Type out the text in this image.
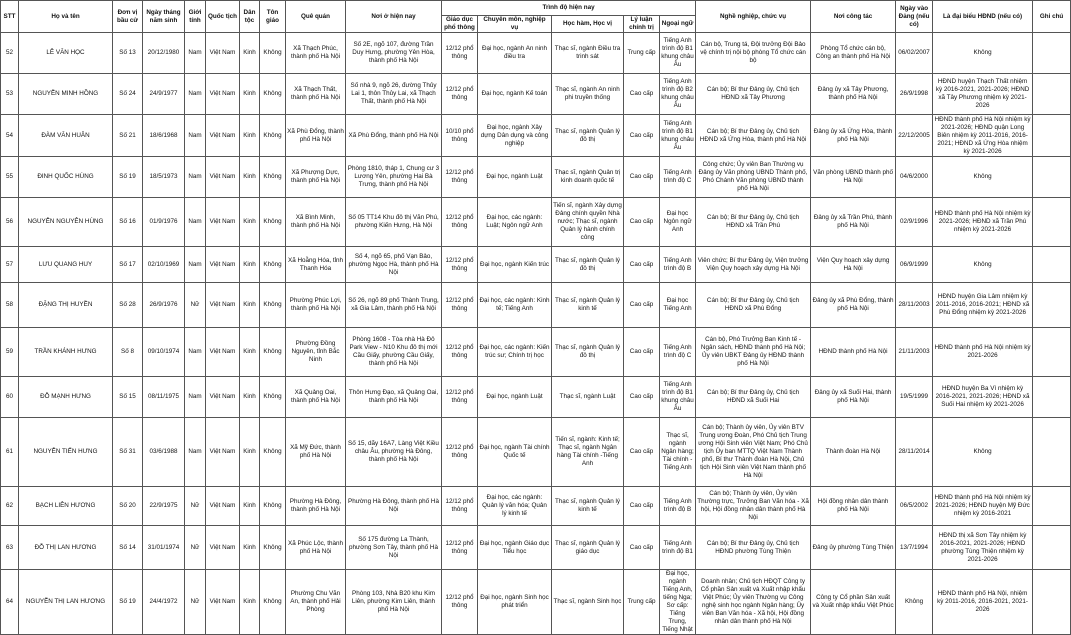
STT	Họ và tên	Đơn vị bầu cử	Ngày tháng năm sinh	Giới tính	Quốc tịch	Dân tộc	Tôn giáo	Quê quán	Nơi ở hiện nay	Trình độ hiện nay					Nghề nghiệp, chức vụ	Nơi công tác	Ngày vào Đảng (nếu có)	Là đại biểu HĐND (nếu có)	Ghi chú
										Giáo dục phổ thông	Chuyên môn, nghiệp vụ	Học hàm, Học vị	Lý luận chính trị	Ngoại ngữ					
52	LÊ VĂN HỌC	Số 13	20/12/1980	Nam	Việt Nam	Kinh	Không	Xã Thạch Phúc, thành phố Hà Nội	Số 2E, ngõ 107, đường Trần Duy Hưng, phường Yên Hòa, thành phố Hà Nội	12/12 phổ thông	Đại học, ngành An ninh điều tra	Thạc sĩ, ngành Điều tra trinh sát	Trung cấp	Tiếng Anh trình độ B1 khung châu Âu	Cán bộ, Trung tá, Đội trưởng Đội Bảo vệ chính trị nội bộ phòng Tổ chức cán bộ	Phòng Tổ chức cán bộ, Công an thành phố Hà Nội	06/02/2007	Không	
53	NGUYỄN MINH HỒNG	Số 24	24/9/1977	Nam	Việt Nam	Kinh	Không	Xã Thạch Thất, thành phố Hà Nội	Số nhà 9, ngõ 26, đường Thủy Lai 1, thôn Thủy Lai, xã Thạch Thất, thành phố Hà Nội	12/12 phổ thông	Đại học, ngành Kế toán	Thạc sĩ, ngành An ninh phi truyền thống	Cao cấp	Tiếng Anh trình độ B2 khung châu Âu	Cán bộ; Bí thư Đảng ủy, Chủ tịch HĐND xã Tây Phương	Đảng ủy xã Tây Phương, thành phố Hà Nội	26/9/1998	HĐND huyện Thạch Thất nhiệm kỳ 2016-2021, 2021-2026; HĐND xã Tây Phương nhiệm kỳ 2021-2026	
54	ĐÀM VĂN HUÂN	Số 21	18/6/1968	Nam	Việt Nam	Kinh	Không	Xã Phù Đổng, thành phố Hà Nội	Xã Phù Đổng, thành phố Hà Nội	10/10 phổ thông	Đại học, ngành Xây dựng Dân dụng và công nghiệp	Thạc sĩ, ngành Quản lý đô thị	Cao cấp	Tiếng Anh trình độ B1 khung châu Âu	Cán bộ; Bí thư Đảng ủy, Chủ tịch HĐND xã Ứng Hòa, thành phố Hà Nội	Đảng ủy xã Ứng Hòa, thành phố Hà Nội	22/12/2005	HĐND thành phố Hà Nội nhiệm kỳ 2021-2026; HĐND quận Long Biên nhiệm kỳ 2011-2016, 2016-2021; HĐND xã Ứng Hòa nhiệm kỳ 2021-2026	
55	ĐINH QUỐC HÙNG	Số 19	18/5/1973	Nam	Việt Nam	Kinh	Không	Xã Phượng Dực, thành phố Hà Nội	Phòng 1810, tháp 1, Chung cư 3 Lương Yên, phường Hai Bà Trưng, thành phố Hà Nội	12/12 phổ thông	Đại học, ngành Luật	Thạc sĩ, ngành Quản trị kinh doanh quốc tế	Cao cấp	Tiếng Anh trình độ C	Công chức; Ủy viên Ban Thường vụ Đảng ủy Văn phòng UBND Thành phố, Phó Chánh Văn phòng UBND thành phố Hà Nội	Văn phòng UBND thành phố Hà Nội	04/6/2000	Không	
56	NGUYỄN NGUYÊN HÙNG	Số 16	01/9/1976	Nam	Việt Nam	Kinh	Không	Xã Bình Minh, thành phố Hà Nội	Số 05 TT14 Khu đô thị Văn Phú, phường Kiến Hưng, Hà Nội	12/12 phổ thông	Đại học, các ngành: Luật; Ngôn ngữ Anh	Tiến sĩ, ngành Xây dựng Đảng chính quyền Nhà nước; Thạc sĩ, ngành Quản lý hành chính công	Cao cấp	Đại học Ngôn ngữ Anh	Cán bộ; Bí thư Đảng ủy, Chủ tịch HĐND xã Trần Phú	Đảng ủy xã Trần Phú, thành phố Hà Nội	02/9/1996	HĐND thành phố Hà Nội nhiệm kỳ 2021-2026; HĐND xã Trần Phú nhiệm kỳ 2021-2026	
57	LƯU QUANG HUY	Số 17	02/10/1969	Nam	Việt Nam	Kinh	Không	Xã Hoằng Hóa, tỉnh Thanh Hóa	Số 4, ngõ 65, phố Vạn Bảo, phường Ngọc Hà, thành phố Hà Nội	12/12 phổ thông	Đại học, ngành Kiến trúc	Thạc sĩ, ngành Quản lý đô thị	Cao cấp	Tiếng Anh trình độ B	Viên chức; Bí thư Đảng ủy, Viện trưởng Viện Quy hoạch xây dựng Hà Nội	Viện Quy hoạch xây dựng Hà Nội	06/9/1999	Không	
58	ĐẶNG THỊ HUYỀN	Số 28	26/9/1976	Nữ	Việt Nam	Kinh	Không	Phường Phúc Lợi, thành phố Hà Nội	Số 26, ngõ 89 phố Thành Trung, xã Gia Lâm, thành phố Hà Nội	12/12 phổ thông	Đại học, các ngành: Kinh tế; Tiếng Anh	Thạc sĩ, ngành Quản lý kinh tế	Cao cấp	Đại học Tiếng Anh	Cán bộ; Bí thư Đảng ủy, Chủ tịch HĐND xã Phù Đổng	Đảng ủy xã Phù Đổng, thành phố Hà Nội	28/11/2003	HĐND huyện Gia Lâm nhiệm kỳ 2011-2016, 2016-2021; HĐND xã Phù Đổng nhiệm kỳ 2021-2026	
59	TRẦN KHÁNH HƯNG	Số 8	09/10/1974	Nam	Việt Nam	Kinh	Không	Phường Đồng Nguyên, tỉnh Bắc Ninh	Phòng 1608 - Tòa nhà Hà Đô Park View - N10 Khu đô thị mới Cầu Giấy, phường Cầu Giấy, thành phố Hà Nội	12/12 phổ thông	Đại học, các ngành: Kiến trúc sư; Chính trị học	Thạc sĩ, ngành Quản lý đô thị	Cao cấp	Tiếng Anh trình độ C	Cán bộ, Phó Trưởng Ban Kinh tế - Ngân sách, HĐND thành phố Hà Nội; Ủy viên UBKT Đảng ủy HĐND thành phố Hà Nội	HĐND thành phố Hà Nội	21/11/2003	HĐND thành phố Hà Nội nhiệm kỳ 2021-2026	
60	ĐỖ MẠNH HƯNG	Số 15	08/11/1975	Nam	Việt Nam	Kinh	Không	Xã Quảng Oai, thành phố Hà Nội	Thôn Hưng Đạo, xã Quảng Oai, thành phố Hà Nội	12/12 phổ thông	Đại học, ngành Luật	Thạc sĩ, ngành Luật	Cao cấp	Tiếng Anh trình độ B1 khung châu Âu	Cán bộ; Bí thư Đảng ủy, Chủ tịch HĐND xã Suối Hai	Đảng ủy xã Suối Hai, thành phố Hà Nội	19/5/1999	HĐND huyện Ba Vì nhiệm kỳ 2016-2021, 2021-2026; HĐND xã Suối Hai nhiệm kỳ 2021-2026	
61	NGUYỄN TIẾN HƯNG	Số 31	03/6/1988	Nam	Việt Nam	Kinh	Không	Xã Mỹ Đức, thành phố Hà Nội	Số 15, dãy 16A7, Làng Việt Kiều châu Âu, phường Hà Đông, thành phố Hà Nội	12/12 phổ thông	Đại học, ngành Tài chính Quốc tế	Tiến sĩ, ngành: Kinh tế; Thạc sĩ, ngành Ngân hàng Tài chính -Tiếng Anh	Cao cấp	Thạc sĩ, ngành Ngân hàng; Tài chính - Tiếng Anh	Cán bộ; Thành ủy viên, Ủy viên BTV Trung ương Đoàn, Phó Chủ tịch Trung ương Hội Sinh viên Việt Nam; Phó Chủ tịch Ủy ban MTTQ Việt Nam Thành phố, Bí thư Thành đoàn Hà Nội, Chủ tịch Hội Sinh viên Việt Nam thành phố Hà Nội	Thành đoàn Hà Nội	28/11/2014	Không	
62	BẠCH LIÊN HƯƠNG	Số 20	22/9/1975	Nữ	Việt Nam	Kinh	Không	Phường Hà Đông, thành phố Hà Nội	Phường Hà Đông, thành phố Hà Nội	12/12 phổ thông	Đại học, các ngành: Quản lý văn hóa; Quản lý kinh tế	Thạc sĩ, ngành Quản lý kinh tế	Cao cấp	Tiếng Anh trình độ B	Cán bộ; Thành ủy viên, Ủy viên Thường trực, Trưởng Ban Văn hóa - Xã hội, Hội đồng nhân dân thành phố Hà Nội	Hội đồng nhân dân thành phố Hà Nội	06/5/2002	HĐND thành phố Hà Nội nhiệm kỳ 2021-2026; HĐND huyện Mỹ Đức nhiệm kỳ 2016-2021	
63	ĐỖ THỊ LAN HƯƠNG	Số 14	31/01/1974	Nữ	Việt Nam	Kinh	Không	Xã Phúc Lộc, thành phố Hà Nội	Số 175 đường La Thành, phường Sơn Tây, thành phố Hà Nội	12/12 phổ thông	Đại học, ngành Giáo dục Tiểu học	Thạc sĩ, ngành Quản lý giáo dục	Cao cấp	Tiếng Anh trình độ B1	Cán bộ; Bí thư Đảng ủy, Chủ tịch HĐND phường Tùng Thiện	Đảng ủy phường Tùng Thiện	13/7/1994	HĐND thị xã Sơn Tây nhiệm kỳ 2016-2021, 2021-2026; HĐND phường Tùng Thiện nhiệm kỳ 2021-2026	
64	NGUYỄN THỊ LAN HƯƠNG	Số 19	24/4/1972	Nữ	Việt Nam	Kinh	Không	Phường Chu Văn An, thành phố Hải Phòng	Phòng 103, Nhà B20 khu Kim Liên, phường Kim Liên, thành phố Hà Nội	12/12 phổ thông	Đại học, ngành Sinh học phát triển	Thạc sĩ, ngành Sinh học	Trung cấp	Đại học, ngành Tiếng Anh, tiếng Nga; Sơ cấp: Tiếng Trung, Tiếng Nhật	Doanh nhân; Chủ tịch HĐQT Công ty Cổ phần Sản xuất và Xuất nhập khẩu Việt Phúc; Ủy viên Thường vụ Công nghệ sinh học ngành Ngân hàng; Ủy viên Ban Văn hóa - Xã hội, Hội đồng nhân dân thành phố Hà Nội	Công ty Cổ phần Sản xuất và Xuất nhập khẩu Việt Phúc	Không	HĐND thành phố Hà Nội, nhiệm kỳ 2011-2016, 2016-2021, 2021-2026	
